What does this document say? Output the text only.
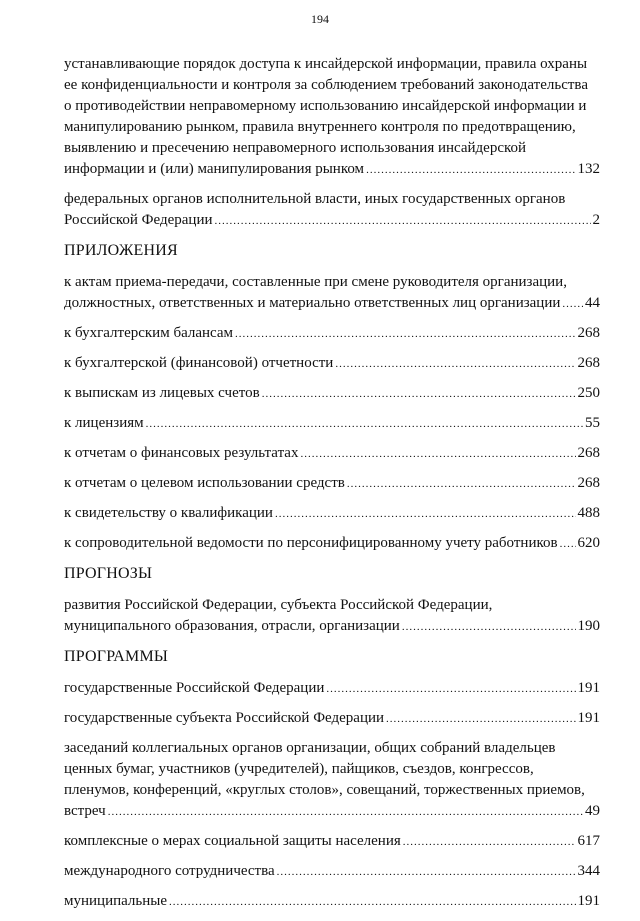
194
устанавливающие порядок доступа к инсайдерской информации, правила охраны
ее конфиденциальности и контроля за соблюдением требований законодательства
о противодействии неправомерному использованию инсайдерской информации и
манипулированию рынком, правила внутреннего контроля по предотвращению,
выявлению и пресечению неправомерного использования инсайдерской
информации и (или) манипулирования рынком .....	132
федеральных органов исполнительной власти, иных государственных органов
Российской Федерации .....	2
ПРИЛОЖЕНИЯ
к актам приема-передачи, составленные при смене руководителя организации,
должностных, ответственных и материально ответственных лиц организации ..... 44
к бухгалтерским балансам .....	268
к бухгалтерской (финансовой) отчетности .....	268
к выпискам из лицевых счетов .....	250
к лицензиям .....	55
к отчетам о финансовых результатах .....	268
к отчетам о целевом использовании средств .....	268
к свидетельству о квалификации .....	488
к сопроводительной ведомости по персонифицированному учету работников ..... 620
ПРОГНОЗЫ
развития Российской Федерации, субъекта Российской Федерации,
муниципального образования, отрасли, организации .....	190
ПРОГРАММЫ
государственные Российской Федерации .....	191
государственные субъекта Российской Федерации .....	191
заседаний коллегиальных органов организации, общих собраний владельцев
ценных бумаг, участников (учредителей), пайщиков, съездов, конгрессов,
пленумов, конференций, «круглых столов», совещаний, торжественных приемов,
встреч .....	49
комплексные о мерах социальной защиты населения .....	617
международного сотрудничества .....	344
муниципальные .....	191
